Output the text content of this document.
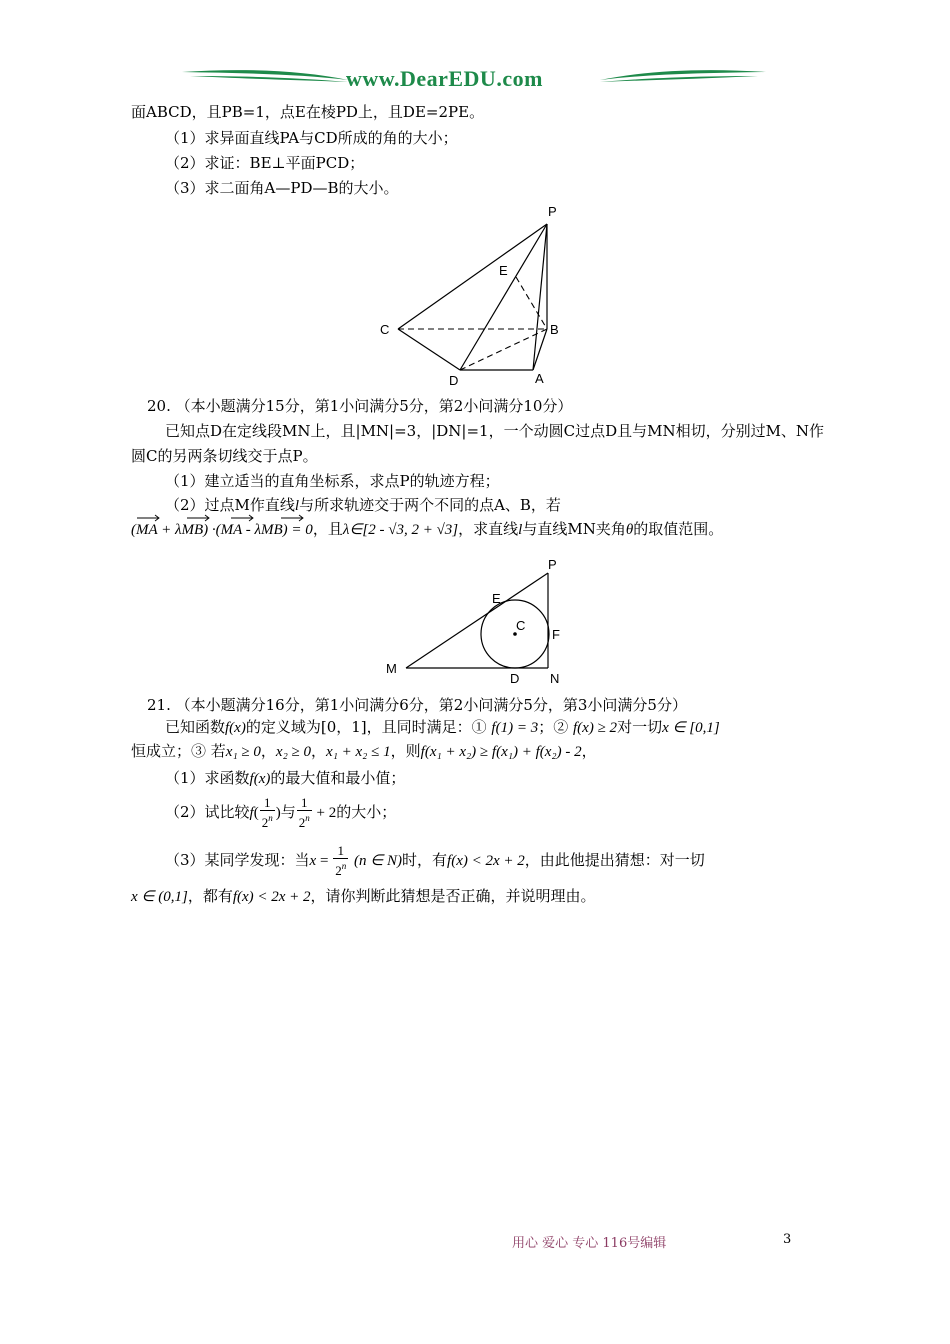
www.DearEDU.com
面ABCD，且PB=1，点E在棱PD上，且DE=2PE。
（1）求异面直线PA与CD所成的角的大小；
（2）求证：BE⊥平面PCD；
（3）求二面角A—PD—B的大小。
P
E
C	B
D	A
20. （本小题满分15分，第1小问满分5分，第2小问满分10分）
已知点D在定线段MN上，且|MN|=3，|DN|=1，一个动圆C过点D且与MN相切，分别过M、N作
圆C的另两条切线交于点P。
（1）建立适当的直角坐标系，求点P的轨迹方程；
（2）过点M作直线l与所求轨迹交于两个不同的点A、B，若
(MA + λMB) ·(MA - λMB) = 0，且λ∈[2 - √3, 2 + √3]，求直线l与直线MN夹角θ的取值范围。
P
E
C
F
M
D N
21. （本小题满分16分，第1小问满分6分，第2小问满分5分，第3小问满分5分）
已知函数f(x)的定义域为[0，1]，且同时满足：① f(1) = 3；② f(x) ≥ 2对一切x ∈ [0,1]
恒成立；③ 若x₁ ≥ 0，x₂ ≥ 0，x₁ + x₂ ≤ 1，则f(x₁ + x₂) ≥ f(x₁) + f(x₂) - 2，
（1）求函数f(x)的最大值和最小值；
（2）试比较$f( \frac{1}{2^n}$ )与 $\frac{1}{2^n} + 2$的大小；
（3）某同学发现：当$x = \frac{1}{2^n} (n$ ∈ N)时，有f(x) < 2x + 2，由此他提出猜想：对一切
x ∈ (0,1]，都有f(x) < 2x + 2，请你判断此猜想是否正确，并说明理由。
用心 爱心 专心 116号编辑	3
